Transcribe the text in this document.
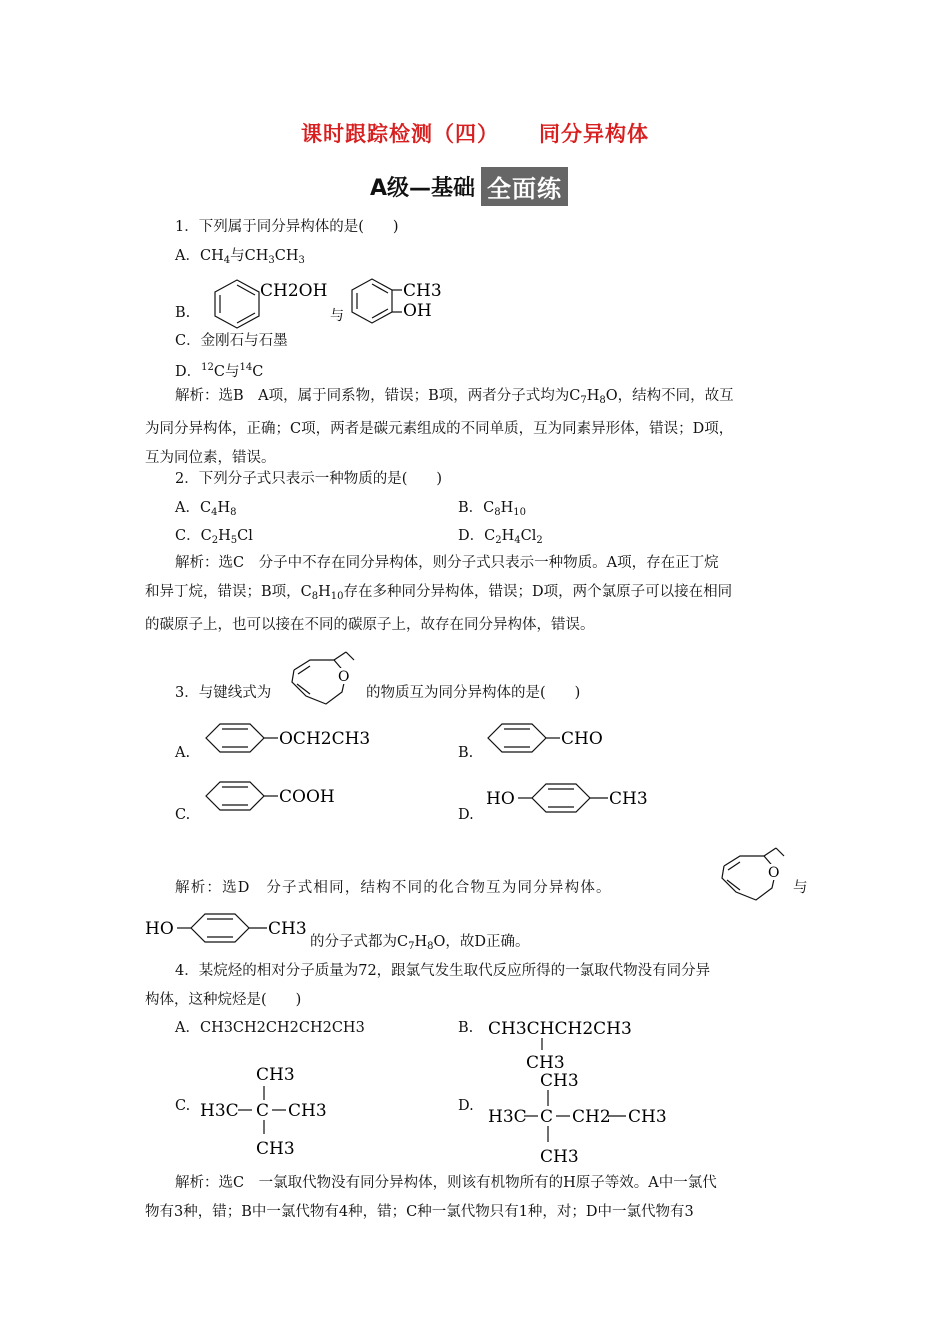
课时跟踪检测（四） 同分异构体
A级—基础 全面练
1．下列属于同分异构体的是(　　)
A．$CH_4$与$CH_3CH_3$
B.
CH2OH
与
CH3
OH
C．金刚石与石墨
D．$^{12}$C与$^{14}$C
解析：选B　A项，属于同系物，错误；B项，两者分子式均为$C_7H_8O$，结构不同，故互
为同分异构体，正确；C项，两者是碳元素组成的不同单质，互为同素异形体，错误；D项，
互为同位素，错误。
2．下列分子式只表示一种物质的是(　　)
A．$C_4H_8$	B．$C_8H_{10}$
C．$C_2H_5Cl$	D．$C_2H_4Cl_2$
解析：选C　分子中不存在同分异构体，则分子式只表示一种物质。A项，存在正丁烷
和异丁烷，错误；B项，$C_8H_{10}$存在多种同分异构体，错误；D项，两个氯原子可以接在相同
的碳原子上，也可以接在不同的碳原子上，故存在同分异构体，错误。
3．与键线式为
O
的物质互为同分异构体的是(　　)
A.
OCH2CH3
B.
CHO
C.
COOH
D.
HO	CH3
解析：选D　分子式相同，结构不同的化合物互为同分异构体。
O
与
HO	CH3
的分子式都为$C_7H_8O$，故D正确。
4．某烷烃的相对分子质量为72，跟氯气发生取代反应所得的一氯取代物没有同分异
构体，这种烷烃是(　　)
A．CH3CH2CH2CH2CH3	B. CH3CHCH2CH3
CH3
C.
CH3
H3C C CH3
CH3
D.
CH3
H3C C CH2 CH3
CH3
解析：选C　一氯取代物没有同分异构体，则该有机物所有的H原子等效。A中一氯代
物有3种，错；B中一氯代物有4种，错；C种一氯代物只有1种，对；D中一氯代物有3
